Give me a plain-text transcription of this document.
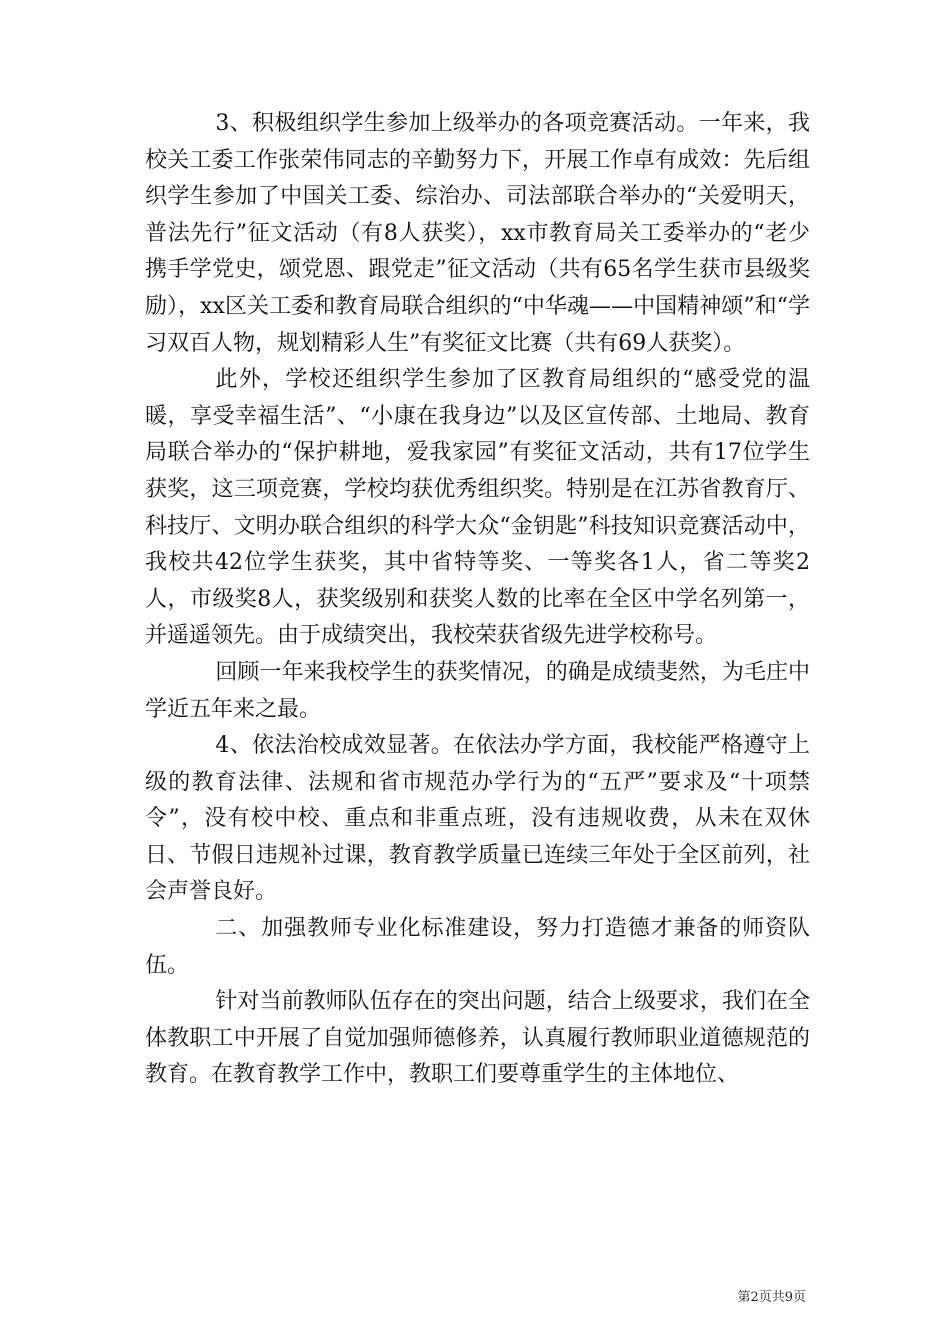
3、积极组织学生参加上级举办的各项竞赛活动。一年来，我校关工委工作张荣伟同志的辛勤努力下，开展工作卓有成效：先后组织学生参加了中国关工委、综治办、司法部联合举办的“关爱明天，普法先行”征文活动（有8人获奖），xx市教育局关工委举办的“老少携手学党史，颂党恩、跟党走”征文活动（共有65名学生获市县级奖励），xx区关工委和教育局联合组织的“中华魂——中国精神颂”和“学习双百人物，规划精彩人生”有奖征文比赛（共有69人获奖）。

此外，学校还组织学生参加了区教育局组织的“感受党的温暖，享受幸福生活”、“小康在我身边”以及区宣传部、土地局、教育局联合举办的“保护耕地，爱我家园”有奖征文活动，共有17位学生获奖，这三项竞赛，学校均获优秀组织奖。特别是在江苏省教育厅、科技厅、文明办联合组织的科学大众“金钥匙”科技知识竞赛活动中，我校共42位学生获奖，其中省特等奖、一等奖各1人，省二等奖2人，市级奖8人，获奖级别和获奖人数的比率在全区中学名列第一，并遥遥领先。由于成绩突出，我校荣获省级先进学校称号。

回顾一年来我校学生的获奖情况，的确是成绩斐然，为毛庄中学近五年来之最。

4、依法治校成效显著。在依法办学方面，我校能严格遵守上级的教育法律、法规和省市规范办学行为的“五严”要求及“十项禁令”，没有校中校、重点和非重点班，没有违规收费，从未在双休日、节假日违规补过课，教育教学质量已连续三年处于全区前列，社会声誉良好。

二、加强教师专业化标准建设，努力打造德才兼备的师资队伍。

针对当前教师队伍存在的突出问题，结合上级要求，我们在全体教职工中开展了自觉加强师德修养，认真履行教师职业道德规范的教育。在教育教学工作中，教职工们要尊重学生的主体地位、

第2页共9页
